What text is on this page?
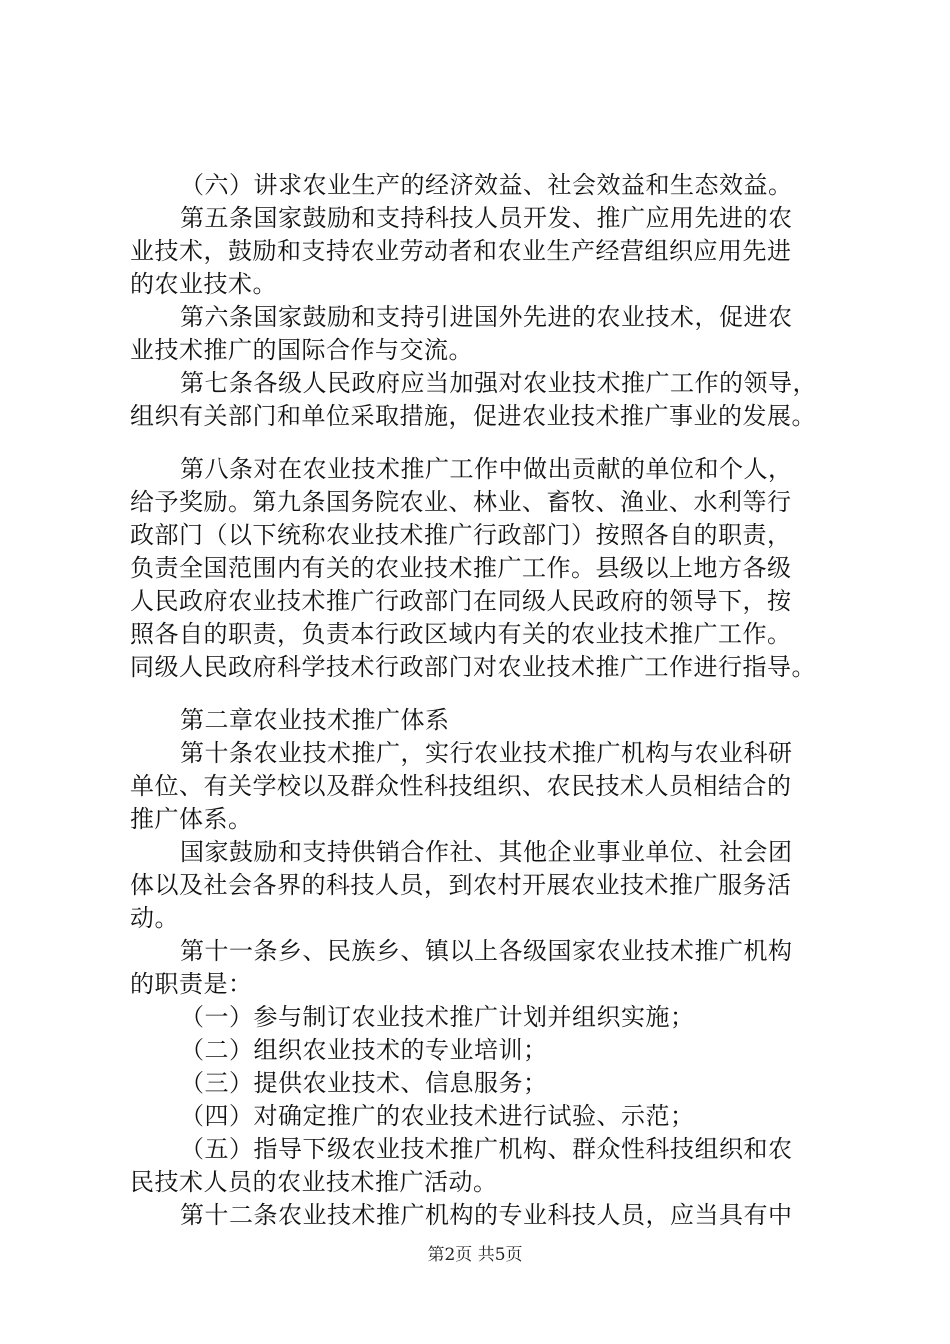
（六）讲求农业生产的经济效益、社会效益和生态效益。
第五条国家鼓励和支持科技人员开发、推广应用先进的农
业技术，鼓励和支持农业劳动者和农业生产经营组织应用先进
的农业技术。
第六条国家鼓励和支持引进国外先进的农业技术，促进农
业技术推广的国际合作与交流。
第七条各级人民政府应当加强对农业技术推广工作的领导，
组织有关部门和单位采取措施，促进农业技术推广事业的发展。
第八条对在农业技术推广工作中做出贡献的单位和个人，
给予奖励。第九条国务院农业、林业、畜牧、渔业、水利等行
政部门（以下统称农业技术推广行政部门）按照各自的职责，
负责全国范围内有关的农业技术推广工作。县级以上地方各级
人民政府农业技术推广行政部门在同级人民政府的领导下，按
照各自的职责，负责本行政区域内有关的农业技术推广工作。
同级人民政府科学技术行政部门对农业技术推广工作进行指导。
第二章农业技术推广体系
第十条农业技术推广，实行农业技术推广机构与农业科研
单位、有关学校以及群众性科技组织、农民技术人员相结合的
推广体系。
国家鼓励和支持供销合作社、其他企业事业单位、社会团
体以及社会各界的科技人员，到农村开展农业技术推广服务活
动。
第十一条乡、民族乡、镇以上各级国家农业技术推广机构
的职责是：
（一）参与制订农业技术推广计划并组织实施；
（二）组织农业技术的专业培训；
（三）提供农业技术、信息服务；
（四）对确定推广的农业技术进行试验、示范；
（五）指导下级农业技术推广机构、群众性科技组织和农
民技术人员的农业技术推广活动。
第十二条农业技术推广机构的专业科技人员，应当具有中
第2页 共5页
